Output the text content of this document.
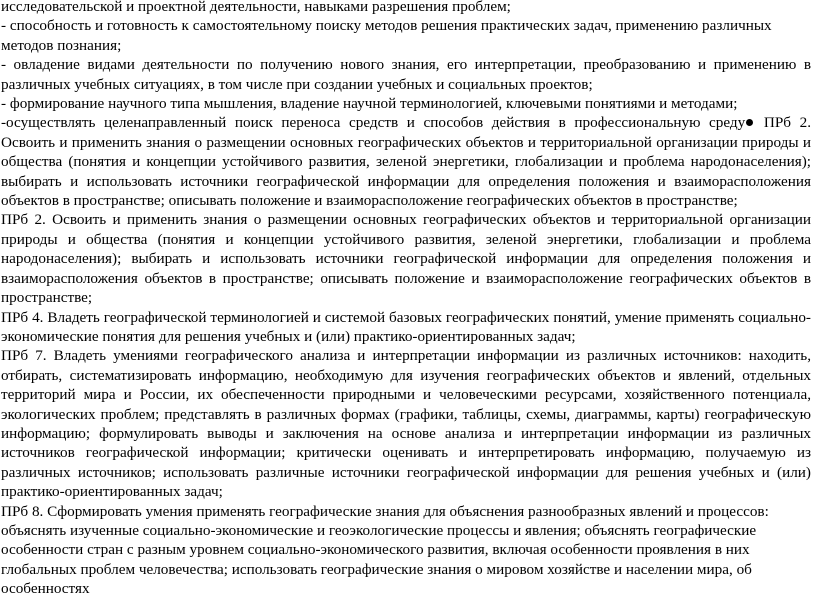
исследовательской и проектной деятельности, навыками разрешения проблем;

- способность и готовность к самостоятельному поиску методов решения практических задач, применению различных методов познания;

- овладение видами деятельности по получению нового знания, его интерпретации, преобразованию и применению в различных учебных ситуациях, в том числе при создании учебных и социальных проектов;

- формирование научного типа мышления, владение научной терминологией, ключевыми понятиями и методами;

-осуществлять целенаправленный поиск переноса средств и способов действия в профессиональную среду ПРб 2. Освоить и применить знания о размещении основных географических объектов и территориальной организации природы и общества (понятия и концепции устойчивого развития, зеленой энергетики, глобализации и проблема народонаселения); выбирать и использовать источники географической информации для определения положения и взаиморасположения объектов в пространстве; описывать положение и взаиморасположение географических объектов в пространстве;

ПРб 2. Освоить и применить знания о размещении основных географических объектов и территориальной организации природы и общества (понятия и концепции устойчивого развития, зеленой энергетики, глобализации и проблема народонаселения); выбирать и использовать источники географической информации для определения положения и взаиморасположения объектов в пространстве; описывать положение и взаиморасположение географических объектов в пространстве;

ПРб 4. Владеть географической терминологией и системой базовых географических понятий, умение применять социально-экономические понятия для решения учебных и (или) практико-ориентированных задач;

ПРб 7. Владеть умениями географического анализа и интерпретации информации из различных источников: находить, отбирать, систематизировать информацию, необходимую для изучения географических объектов и явлений, отдельных территорий мира и России, их обеспеченности природными и человеческими ресурсами, хозяйственного потенциала, экологических проблем; представлять в различных формах (графики, таблицы, схемы, диаграммы, карты) географическую информацию; формулировать выводы и заключения на основе анализа и интерпретации информации из различных источников географической информации; критически оценивать и интерпретировать информацию, получаемую из различных источников; использовать различные источники географической информации для решения учебных и (или) практико-ориентированных задач;

ПРб 8. Сформировать умения применять географические знания для объяснения разнообразных явлений и процессов: объяснять изученные социально-экономические и геоэкологические процессы и явления; объяснять географические особенности стран с разным уровнем социально-экономического развития, включая особенности проявления в них глобальных проблем человечества; использовать географические знания о мировом хозяйстве и населении мира, об особенностях
